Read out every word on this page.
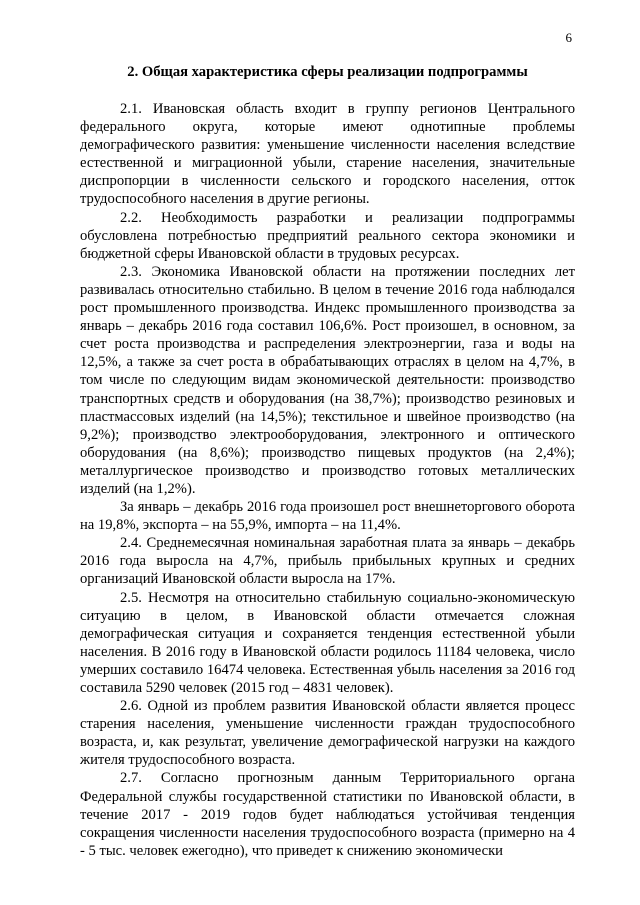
6
2. Общая характеристика сферы реализации подпрограммы

2.1. Ивановская область входит в группу регионов Центрального федерального округа, которые имеют однотипные проблемы демографического развития: уменьшение численности населения вследствие естественной и миграционной убыли, старение населения, значительные диспропорции в численности сельского и городского населения, отток трудоспособного населения в другие регионы.

2.2. Необходимость разработки и реализации подпрограммы обусловлена потребностью предприятий реального сектора экономики и бюджетной сферы Ивановской области в трудовых ресурсах.

2.3. Экономика Ивановской области на протяжении последних лет развивалась относительно стабильно. В целом в течение 2016 года наблюдался рост промышленного производства. Индекс промышленного производства за январь – декабрь 2016 года составил 106,6%. Рост произошел, в основном, за счет роста производства и распределения электроэнергии, газа и воды на 12,5%, а также за счет роста в обрабатывающих отраслях в целом на 4,7%, в том числе по следующим видам экономической деятельности: производство транспортных средств и оборудования (на 38,7%); производство резиновых и пластмассовых изделий (на 14,5%); текстильное и швейное производство (на 9,2%); производство электрооборудования, электронного и оптического оборудования (на 8,6%); производство пищевых продуктов (на 2,4%); металлургическое производство и производство готовых металлических изделий (на 1,2%).

За январь – декабрь 2016 года произошел рост внешнеторгового оборота на 19,8%, экспорта – на 55,9%, импорта – на 11,4%.

2.4. Среднемесячная номинальная заработная плата за январь – декабрь 2016 года выросла на 4,7%, прибыль прибыльных крупных и средних организаций Ивановской области выросла на 17%.

2.5. Несмотря на относительно стабильную социально-экономическую ситуацию в целом, в Ивановской области отмечается сложная демографическая ситуация и сохраняется тенденция естественной убыли населения. В 2016 году в Ивановской области родилось 11184 человека, число умерших составило 16474 человека. Естественная убыль населения за 2016 год составила 5290 человек (2015 год – 4831 человек).

2.6. Одной из проблем развития Ивановской области является процесс старения населения, уменьшение численности граждан трудоспособного возраста, и, как результат, увеличение демографической нагрузки на каждого жителя трудоспособного возраста.

2.7. Согласно прогнозным данным Территориального органа Федеральной службы государственной статистики по Ивановской области, в течение 2017 - 2019 годов будет наблюдаться устойчивая тенденция сокращения численности населения трудоспособного возраста (примерно на 4 - 5 тыс. человек ежегодно), что приведет к снижению экономически
